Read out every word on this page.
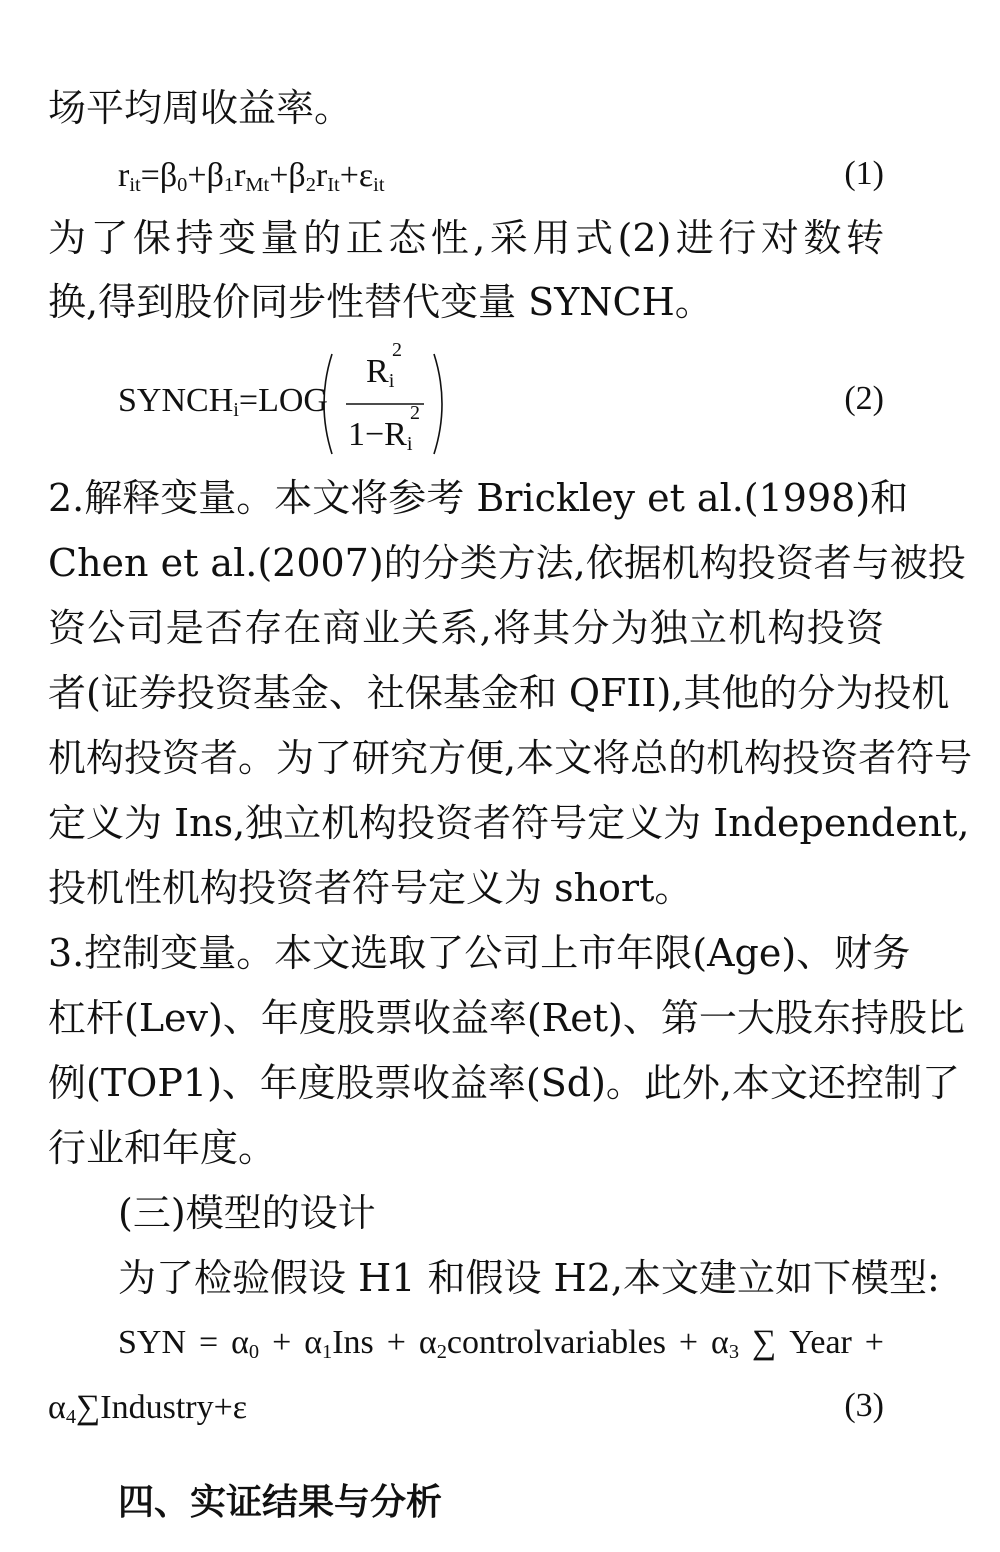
场平均周收益率。
$r_{it}=\beta_0+\beta_1r_{Mt}+\beta_2r_{It}+\varepsilon_{it}$	(1)
为了保持变量的正态性,采用式(2)进行对数转
换,得到股价同步性替代变量 SYNCH。
$SYNCH_i=LOG$
$R_i$
2
$1-R_i$
2	(2)
2.解释变量。本文将参考 Brickley et al.(1998)和
Chen et al.(2007)的分类方法,依据机构投资者与被投
资公司是否存在商业关系,将其分为独立机构投资
者(证券投资基金、社保基金和 QFII),其他的分为投机
机构投资者。为了研究方便,本文将总的机构投资者符号
定义为 Ins,独立机构投资者符号定义为 Independent,
投机性机构投资者符号定义为 short。
3.控制变量。本文选取了公司上市年限(Age)、财务
杠杆(Lev)、年度股票收益率(Ret)、第一大股东持股比
例(TOP1)、年度股票收益率(Sd)。此外,本文还控制了
行业和年度。
(三)模型的设计
为了检验假设 H1 和假设 H2,本文建立如下模型:
SYN = $\alpha_0 + \alpha_1Ins$ + $\alpha_2controlvariables + \alpha_3$ ∑ Year +
$\alpha_4\sum Industry+\varepsilon$	(3)
四、实证结果与分析
